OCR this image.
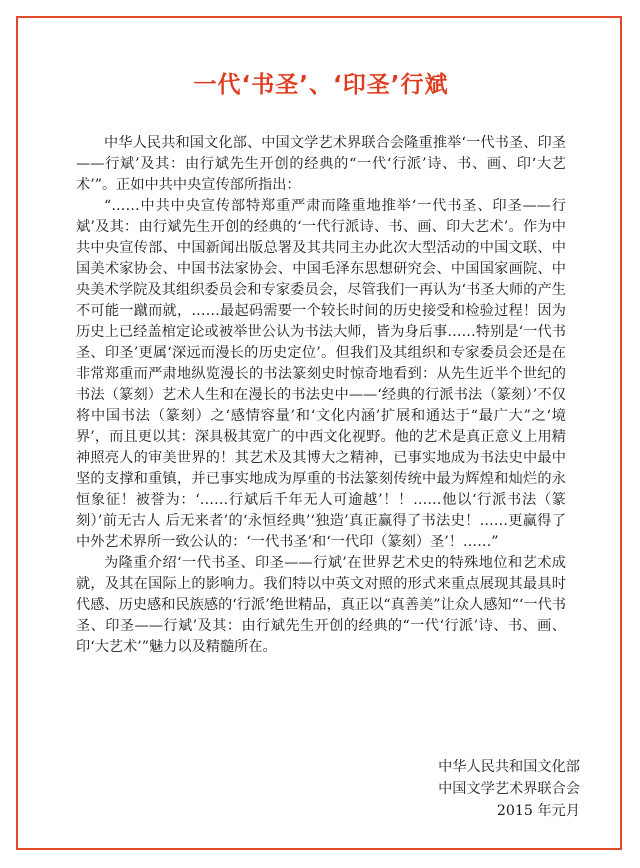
一代‘书圣’、‘印圣’行斌

中华人民共和国文化部、中国文学艺术界联合会隆重推举‘一代书圣、印圣——行斌’及其：由行斌先生开创的经典的“一代‘行派’诗、书、画、印‘大艺术’”。正如中共中央宣传部所指出：

“……中共中央宣传部特郑重严肃而隆重地推举‘一代书圣、印圣——行斌’及其：由行斌先生开创的经典的‘一代行派诗、书、画、印大艺术’。作为中共中央宣传部、中国新闻出版总署及其共同主办此次大型活动的中国文联、中国美术家协会、中国书法家协会、中国毛泽东思想研究会、中国国家画院、中央美术学院及其组织委员会和专家委员会，尽管我们一再认为‘书圣大师的产生不可能一蹴而就，……最起码需要一个较长时间的历史接受和检验过程！因为历史上已经盖棺定论或被举世公认为书法大师，皆为身后事……特别是‘一代书圣、印圣’更属‘深远而漫长的历史定位’。但我们及其组织和专家委员会还是在非常郑重而严肃地纵览漫长的书法篆刻史时惊奇地看到：从先生近半个世纪的书法（篆刻）艺术人生和在漫长的书法史中——‘经典的行派书法（篆刻）’不仅将中国书法（篆刻）之‘感情容量’和‘文化内涵’扩展和通达于“最广大”之‘境界’，而且更以其：深具极其宽广的中西文化视野。他的艺术是真正意义上用精神照亮人的审美世界的！其艺术及其博大之精神，已事实地成为书法史中最中坚的支撑和重镇，并已事实地成为厚重的书法篆刻传统中最为辉煌和灿烂的永恒象征！被誉为：‘……行斌后千年无人可逾越’！！……他以‘行派书法（篆刻）’前无古人 后无来者’的‘永恒经典’‘独造’真正赢得了书法史！……更赢得了中外艺术界所一致公认的：‘一代书圣’和‘一代印（篆刻）圣’！……”

为隆重介绍‘一代书圣、印圣——行斌’在世界艺术史的特殊地位和艺术成就，及其在国际上的影响力。我们特以中英文对照的形式来重点展现其最具时代感、历史感和民族感的‘行派’绝世精品，真正以“真善美”让众人感知“‘一代书圣、印圣——行斌’及其：由行斌先生开创的经典的“一代‘行派’诗、书、画、印‘大艺术’”魅力以及精髓所在。

中华人民共和国文化部
中国文学艺术界联合会
2015 年元月
